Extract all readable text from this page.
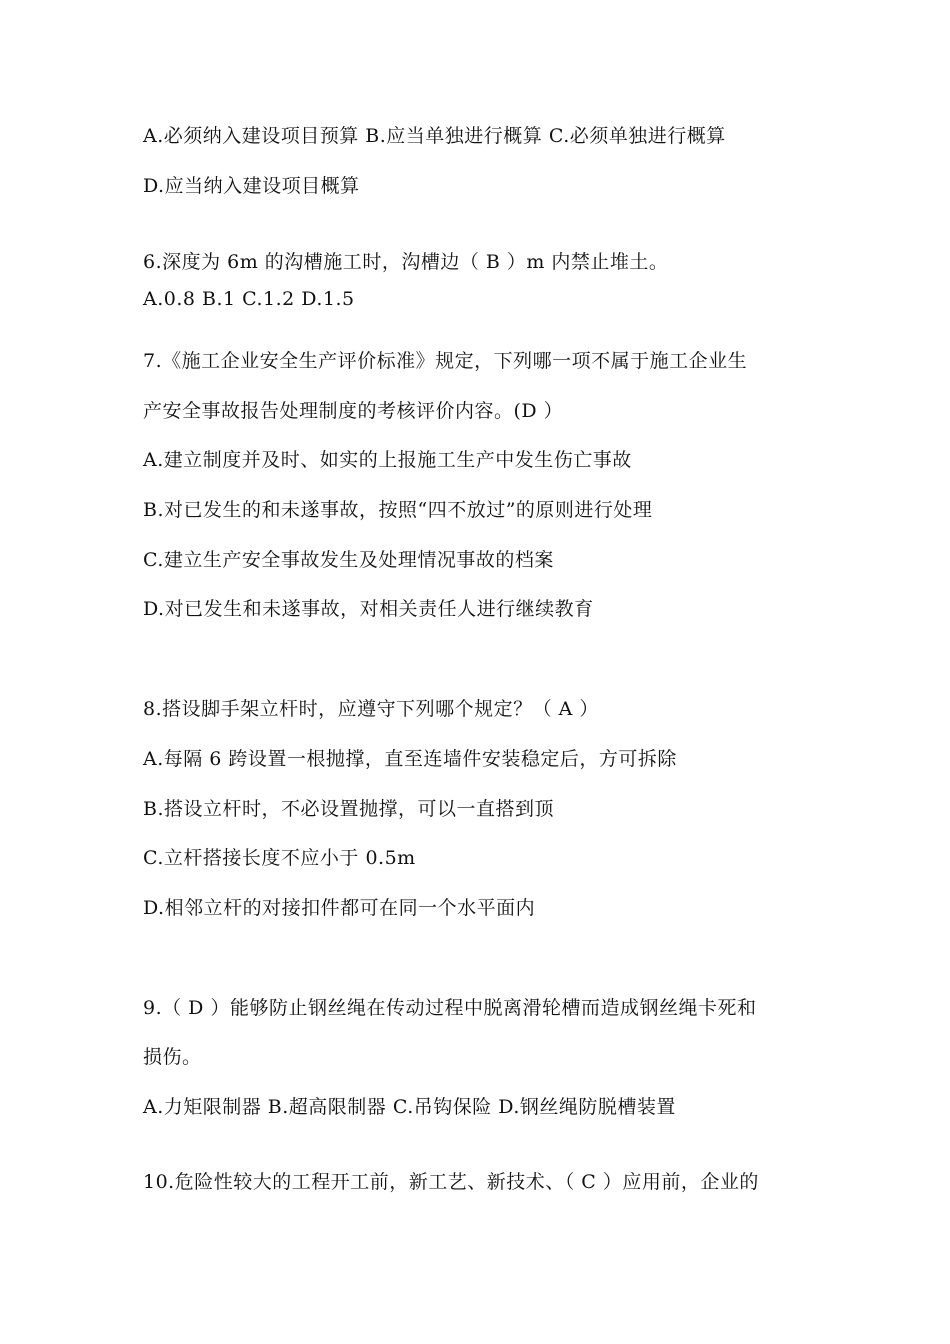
A.必须纳入建设项目预算 B.应当单独进行概算 C.必须单独进行概算
D.应当纳入建设项目概算
6.深度为 6m 的沟槽施工时，沟槽边（ B ）m 内禁止堆土。
A.0.8 B.1 C.1.2 D.1.5
7.《施工企业安全生产评价标准》规定，下列哪一项不属于施工企业生
产安全事故报告处理制度的考核评价内容。(D ）
A.建立制度并及时、如实的上报施工生产中发生伤亡事故
B.对已发生的和未遂事故，按照“四不放过”的原则进行处理
C.建立生产安全事故发生及处理情况事故的档案
D.对已发生和未遂事故，对相关责任人进行继续教育
8.搭设脚手架立杆时，应遵守下列哪个规定？（ A ）
A.每隔 6 跨设置一根抛撑，直至连墙件安装稳定后，方可拆除
B.搭设立杆时，不必设置抛撑，可以一直搭到顶
C.立杆搭接长度不应小于 0.5m
D.相邻立杆的对接扣件都可在同一个水平面内
9.（ D ）能够防止钢丝绳在传动过程中脱离滑轮槽而造成钢丝绳卡死和
损伤。
A.力矩限制器 B.超高限制器 C.吊钩保险 D.钢丝绳防脱槽装置
10.危险性较大的工程开工前，新工艺、新技术、（ C ）应用前，企业的
